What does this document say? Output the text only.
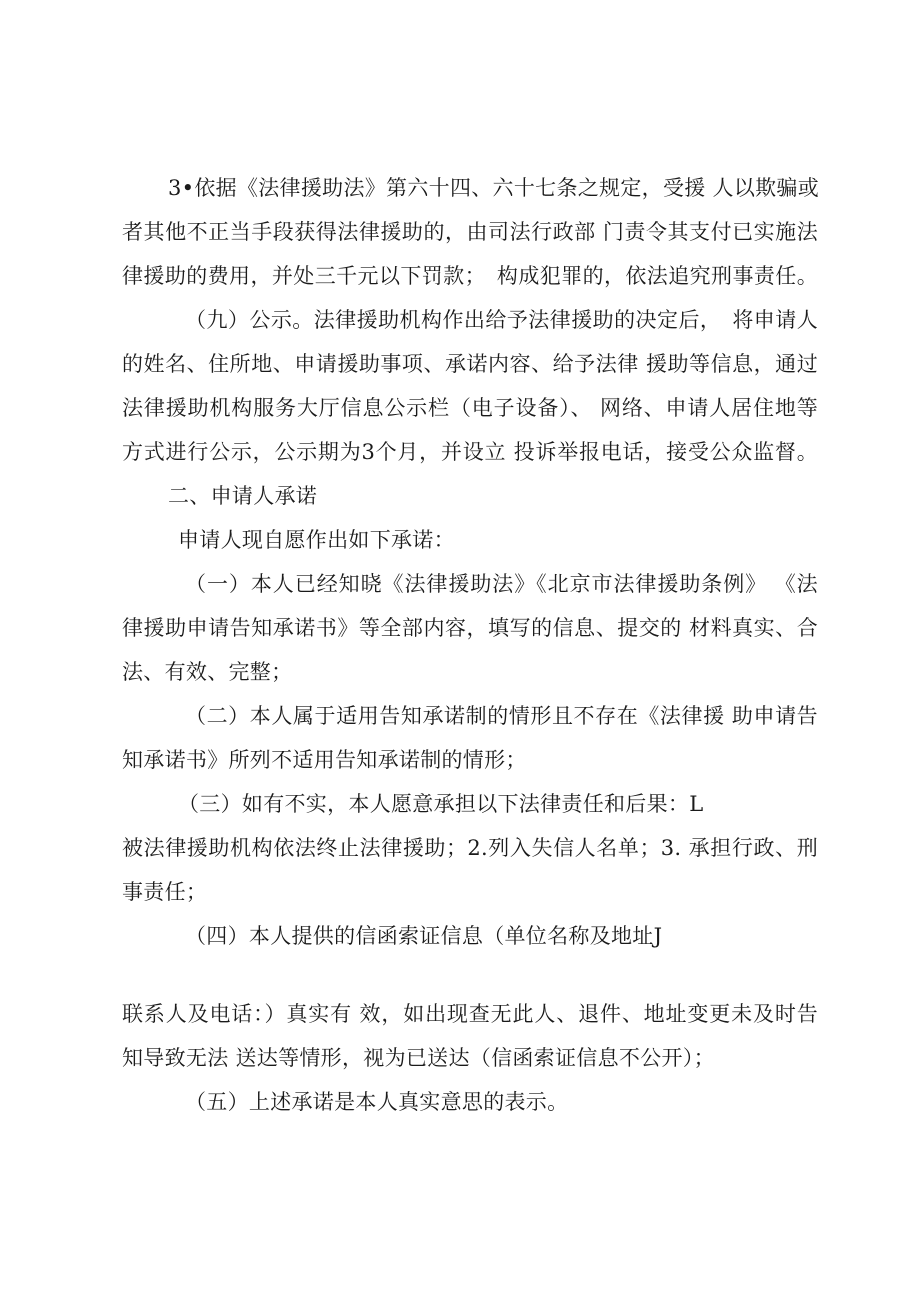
3•依据《法律援助法》第六十四、六十七条之规定，受援 人以欺骗或
者其他不正当手段获得法律援助的，由司法行政部 门责令其支付已实施法
律援助的费用，并处三千元以下罚款；　构成犯罪的，依法追究刑事责任。
（九）公示。法律援助机构作出给予法律援助的决定后，　将申请人
的姓名、住所地、申请援助事项、承诺内容、给予法律 援助等信息，通过
法律援助机构服务大厅信息公示栏（电子设备）、 网络、申请人居住地等
方式进行公示，公示期为3个月，并设立 投诉举报电话，接受公众监督。
二、申请人承诺
申请人现自愿作出如下承诺：
（一）本人已经知晓《法律援助法》《北京市法律援助条例》 《法
律援助申请告知承诺书》等全部内容，填写的信息、提交的 材料真实、合
法、有效、完整；
（二）本人属于适用告知承诺制的情形且不存在《法律援 助申请告
知承诺书》所列不适用告知承诺制的情形；
（三）如有不实，本人愿意承担以下法律责任和后果：L
被法律援助机构依法终止法律援助；2.列入失信人名单；3. 承担行政、刑
事责任；
（四）本人提供的信函索证信息（单位名称及地址J
联系人及电话：）真实有 效，如出现查无此人、退件、地址变更未及时告
知导致无法 送达等情形，视为已送达（信函索证信息不公开）；
（五）上述承诺是本人真实意思的表示。
